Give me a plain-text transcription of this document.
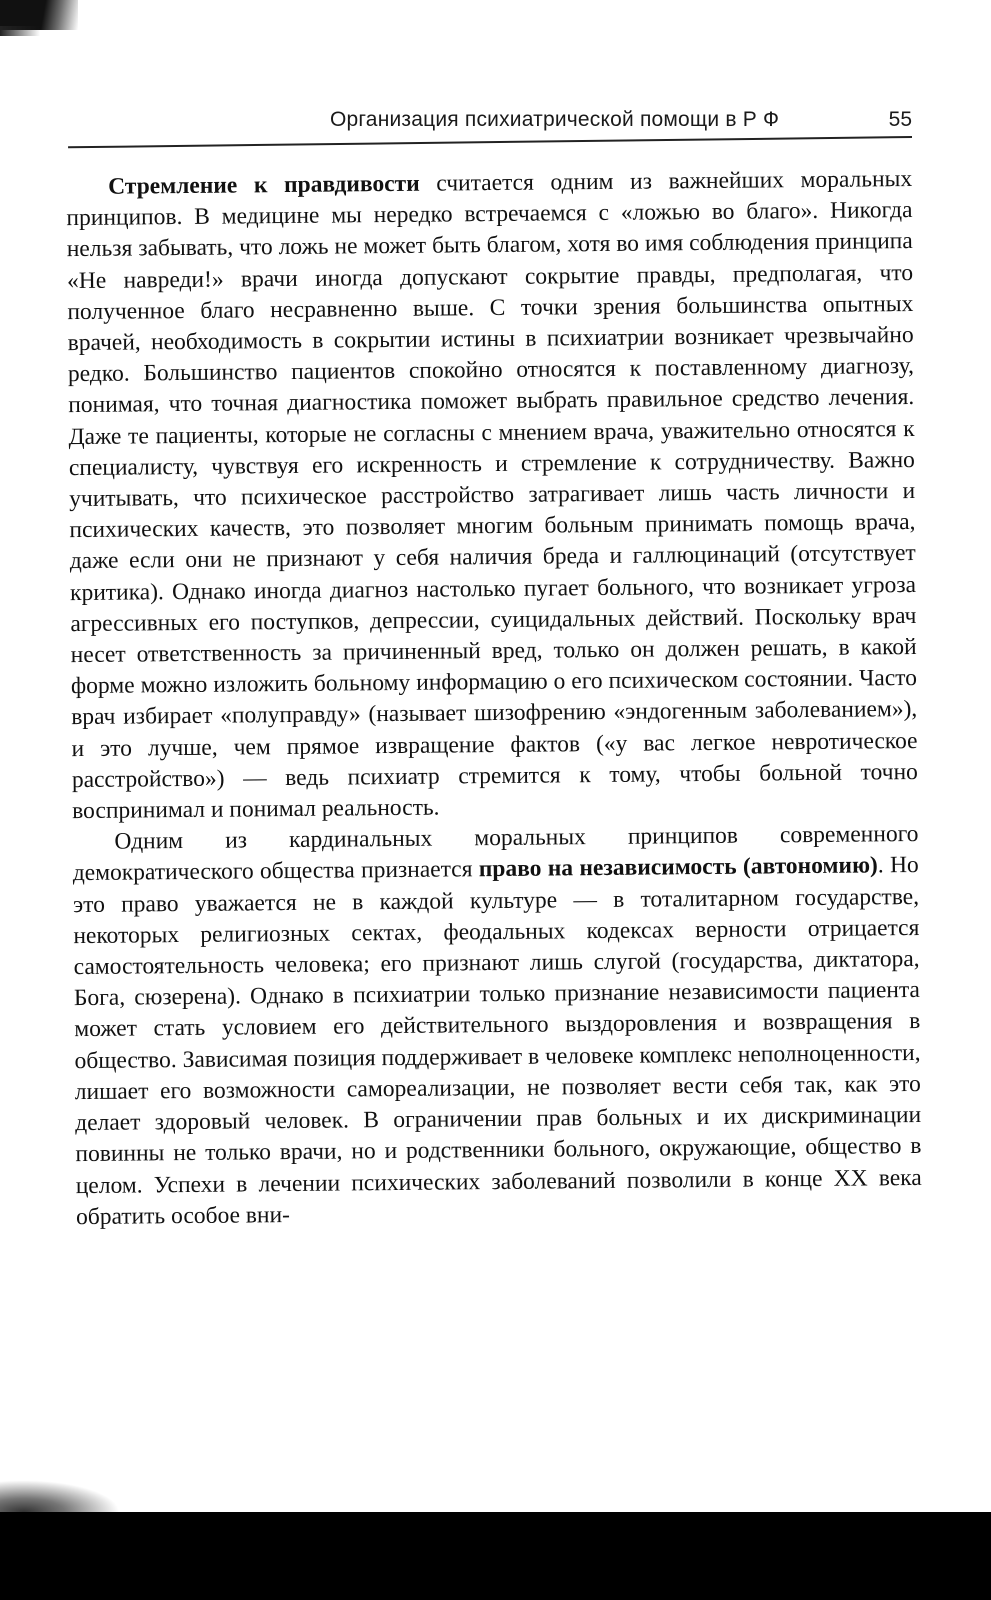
Организация психиатрической помощи в Р Ф	55

Стремление к правдивости считается одним из важнейших моральных принципов. В медицине мы нередко встречаемся с «ложью во благо». Никогда нельзя забывать, что ложь не может быть благом, хотя во имя соблюдения принципа «Не навреди!» врачи иногда допускают сокрытие правды, предполагая, что полученное благо несравненно выше. С точки зрения большинства опытных врачей, необходимость в сокрытии истины в психиатрии возникает чрезвычайно редко. Большинство пациентов спокойно относятся к поставленному диагнозу, понимая, что точная диагностика поможет выбрать правильное средство лечения. Даже те пациенты, которые не согласны с мнением врача, уважительно относятся к специалисту, чувствуя его искренность и стремление к сотрудничеству. Важно учитывать, что психическое расстройство затрагивает лишь часть личности и психических качеств, это позволяет многим больным принимать помощь врача, даже если они не признают у себя наличия бреда и галлюцинаций (отсутствует критика). Однако иногда диагноз настолько пугает больного, что возникает угроза агрессивных его поступков, депрессии, суицидальных действий. Поскольку врач несет ответственность за причиненный вред, только он должен решать, в какой форме можно изложить больному информацию о его психическом состоянии. Часто врач избирает «полуправду» (называет шизофрению «эндогенным заболеванием»), и это лучше, чем прямое извращение фактов («у вас легкое невротическое расстройство») — ведь психиатр стремится к тому, чтобы больной точно воспринимал и понимал реальность.

Одним из кардинальных моральных принципов современного демократического общества признается право на независимость (автономию). Но это право уважается не в каждой культуре — в тоталитарном государстве, некоторых религиозных сектах, феодальных кодексах верности отрицается самостоятельность человека; его признают лишь слугой (государства, диктатора, Бога, сюзерена). Однако в психиатрии только признание независимости пациента может стать условием его действительного выздоровления и возвращения в общество. Зависимая позиция поддерживает в человеке комплекс неполноценности, лишает его возможности самореализации, не позволяет вести себя так, как это делает здоровый человек. В ограничении прав больных и их дискриминации повинны не только врачи, но и родственники больного, окружающие, общество в целом. Успехи в лечении психических заболеваний позволили в конце XX века обратить особое вни-
